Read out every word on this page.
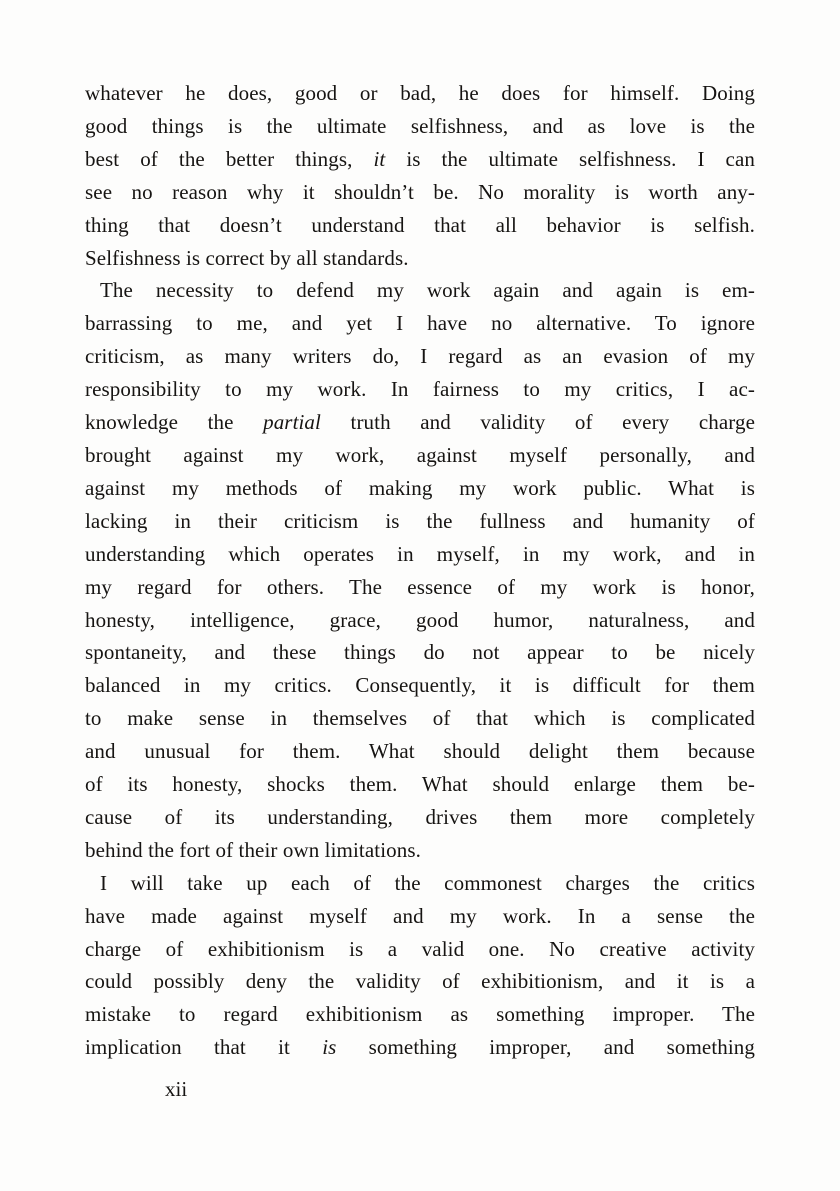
whatever he does, good or bad, he does for himself. Doing
good things is the ultimate selfishness, and as love is the
best of the better things, it is the ultimate selfishness. I can
see no reason why it shouldn’t be. No morality is worth any-
thing that doesn’t understand that all behavior is selfish.
Selfishness is correct by all standards.
The necessity to defend my work again and again is em-
barrassing to me, and yet I have no alternative. To ignore
criticism, as many writers do, I regard as an evasion of my
responsibility to my work. In fairness to my critics, I ac-
knowledge the partial truth and validity of every charge
brought against my work, against myself personally, and
against my methods of making my work public. What is
lacking in their criticism is the fullness and humanity of
understanding which operates in myself, in my work, and in
my regard for others. The essence of my work is honor,
honesty, intelligence, grace, good humor, naturalness, and
spontaneity, and these things do not appear to be nicely
balanced in my critics. Consequently, it is difficult for them
to make sense in themselves of that which is complicated
and unusual for them. What should delight them because
of its honesty, shocks them. What should enlarge them be-
cause of its understanding, drives them more completely
behind the fort of their own limitations.
I will take up each of the commonest charges the critics
have made against myself and my work. In a sense the
charge of exhibitionism is a valid one. No creative activity
could possibly deny the validity of exhibitionism, and it is a
mistake to regard exhibitionism as something improper. The
implication that it is something improper, and something
xii
